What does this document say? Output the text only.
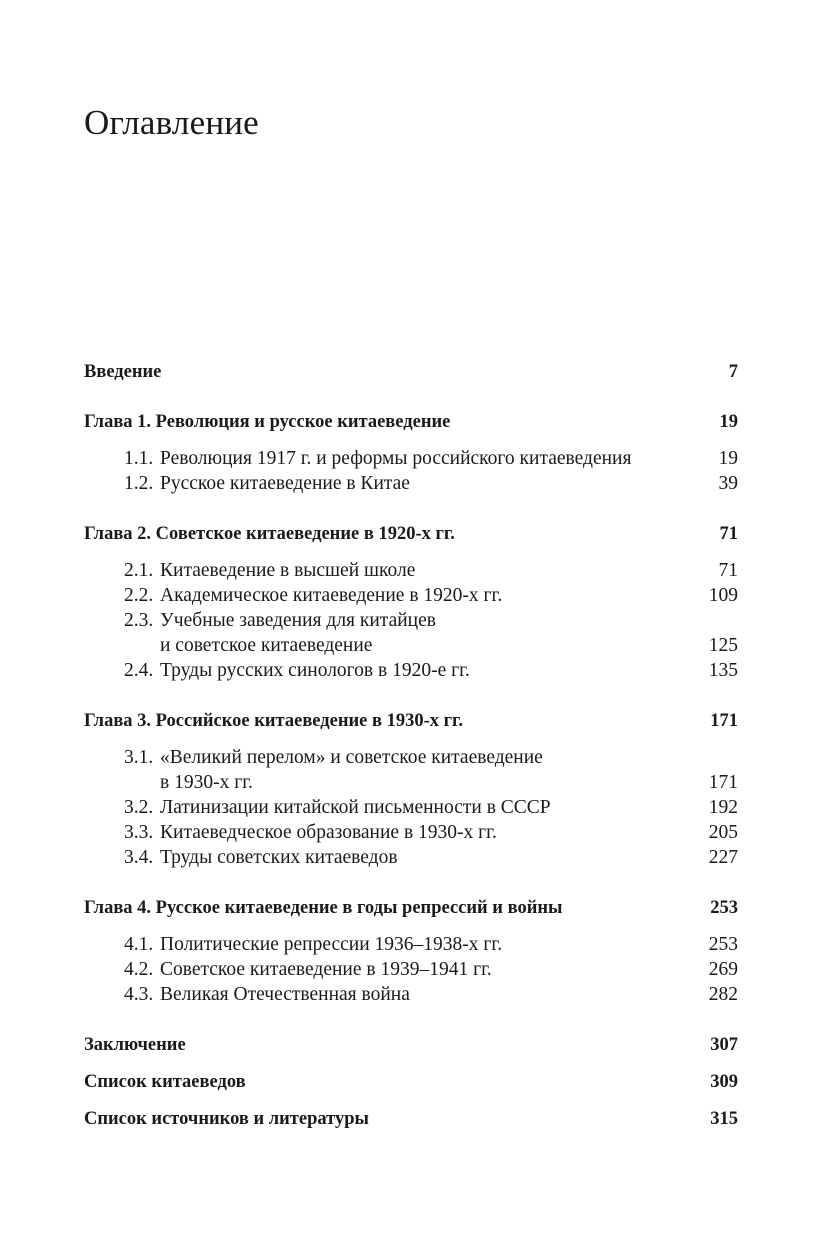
Оглавление
Введение	7
Глава 1. Революция и русское китаеведение	19
1.1. Революция 1917 г. и реформы российского китаеведения	19
1.2. Русское китаеведение в Китае	39
Глава 2. Советское китаеведение в 1920-х гг.	71
2.1. Китаеведение в высшей школе	71
2.2. Академическое китаеведение в 1920-х гг.	109
2.3. Учебные заведения для китайцев
и советское китаеведение	125
2.4. Труды русских синологов в 1920-е гг.	135
Глава 3. Российское китаеведение в 1930-х гг.	171
3.1. «Великий перелом» и советское китаеведение
в 1930-х гг.	171
3.2. Латинизации китайской письменности в СССР	192
3.3. Китаеведческое образование в 1930-х гг.	205
3.4. Труды советских китаеведов	227
Глава 4. Русское китаеведение в годы репрессий и войны	253
4.1. Политические репрессии 1936–1938-х гг.	253
4.2. Советское китаеведение в 1939–1941 гг.	269
4.3. Великая Отечественная война	282
Заключение	307
Список китаеведов	309
Список источников и литературы	315
